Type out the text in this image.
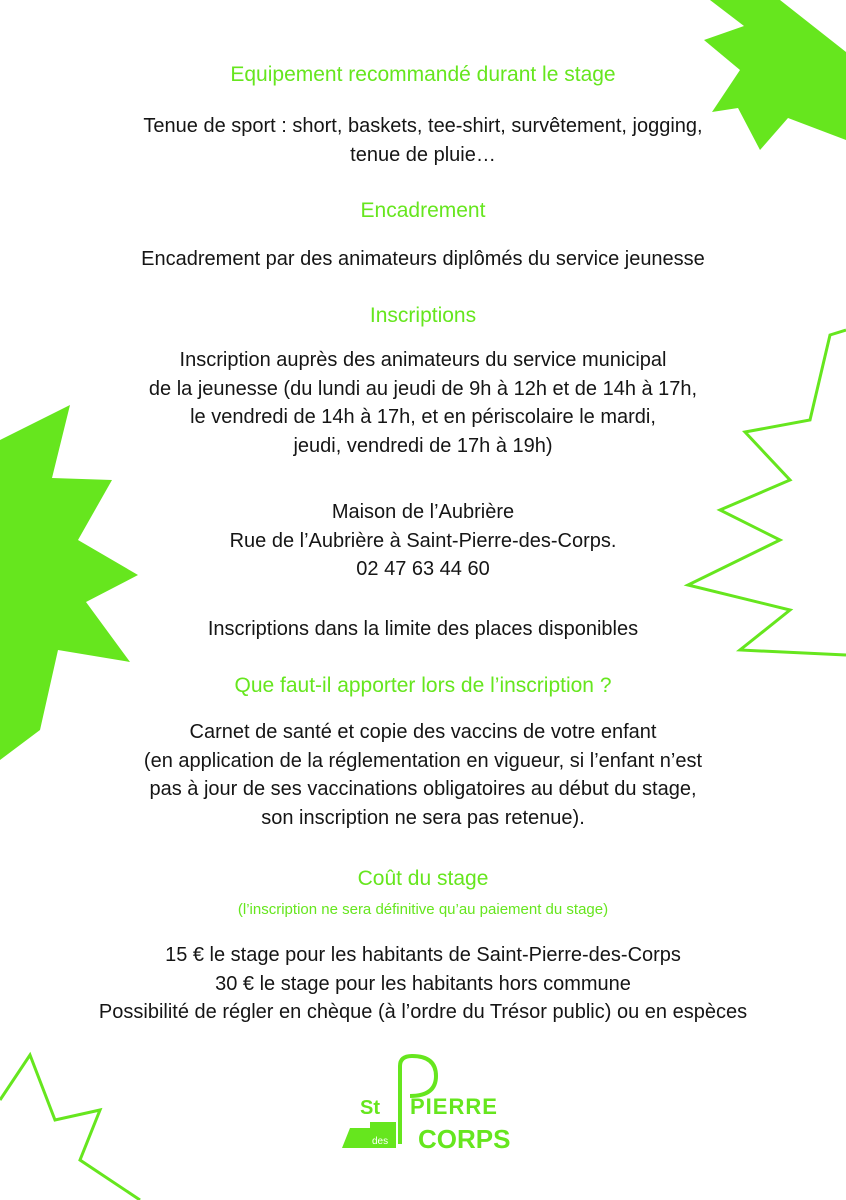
Equipement recommandé durant le stage
Tenue de sport : short, baskets, tee-shirt, survêtement, jogging,
tenue de pluie…
Encadrement
Encadrement par des animateurs diplômés du service jeunesse
Inscriptions
Inscription auprès des animateurs du service municipal
de la jeunesse (du lundi au jeudi de 9h à 12h et de 14h à 17h,
le vendredi de 14h à 17h, et en périscolaire le mardi,
jeudi, vendredi de 17h à 19h)
Maison de l’Aubrière
Rue de l’Aubrière à Saint-Pierre-des-Corps.
02 47 63 44 60
Inscriptions dans la limite des places disponibles
Que faut-il apporter lors de l’inscription ?
Carnet de santé et copie des vaccins de votre enfant
(en application de la réglementation en vigueur, si l’enfant n’est
pas à jour de ses vaccinations obligatoires au début du stage,
son inscription ne sera pas retenue).
Coût du stage
(l’inscription ne sera définitive qu’au paiement du stage)
15 € le stage pour les habitants de Saint-Pierre-des-Corps
30 € le stage pour les habitants hors commune
Possibilité de régler en chèque (à l’ordre du Trésor public) ou en espèces
St PIERRE
des CORPS
